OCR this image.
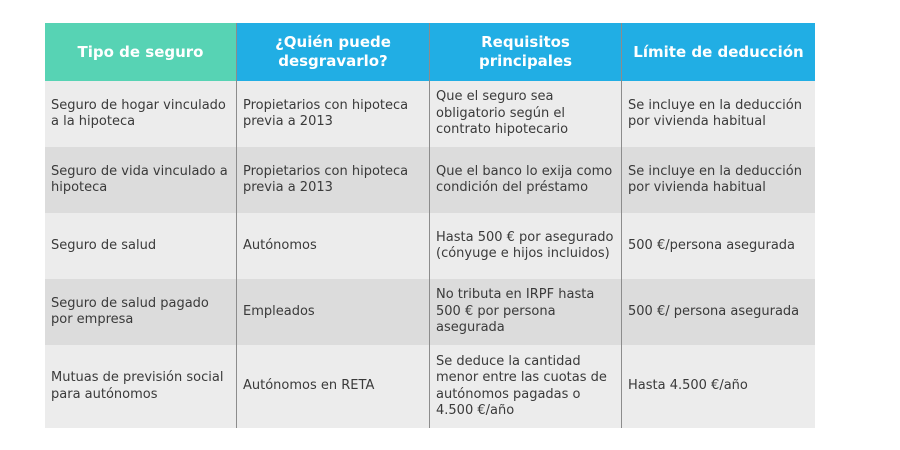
Tipo de seguro
¿Quién puede desgravarlo?
Requisitos principales
Límite de deducción
Seguro de hogar vinculado a la hipoteca
Propietarios con hipoteca previa a 2013
Que el seguro sea obligatorio según el contrato hipotecario
Se incluye en la deducción por vivienda habitual
Seguro de vida vinculado a hipoteca
Propietarios con hipoteca previa a 2013
Que el banco lo exija como condición del préstamo
Se incluye en la deducción por vivienda habitual
Seguro de salud	Autónomos
Hasta 500 € por asegurado (cónyuge e hijos incluidos)
500 €/persona asegurada
Seguro de salud pagado por empresa
Empleados
No tributa en IRPF hasta 500 € por persona asegurada
500 €/ persona asegurada
Mutuas de previsión social para autónomos
Autónomos en RETA
Se deduce la cantidad menor entre las cuotas de autónomos pagadas o 4.500 €/año
Hasta 4.500 €/año
